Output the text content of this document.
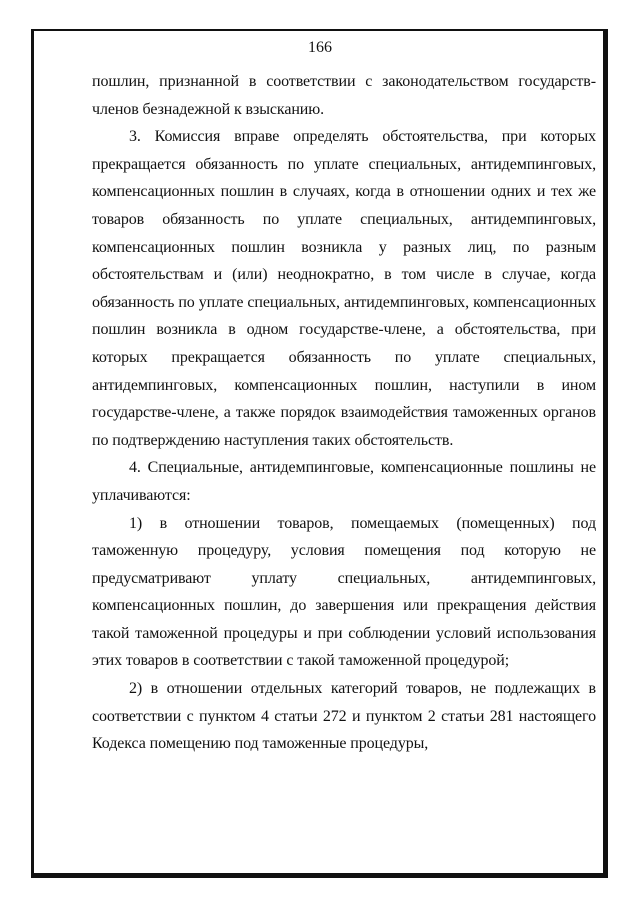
166

пошлин, признанной в соответствии с законодательством государств-членов безнадежной к взысканию.

3. Комиссия вправе определять обстоятельства, при которых прекращается обязанность по уплате специальных, антидемпинговых, компенсационных пошлин в случаях, когда в отношении одних и тех же товаров обязанность по уплате специальных, антидемпинговых, компенсационных пошлин возникла у разных лиц, по разным обстоятельствам и (или) неоднократно, в том числе в случае, когда обязанность по уплате специальных, антидемпинговых, компенсационных пошлин возникла в одном государстве-члене, а обстоятельства, при которых прекращается обязанность по уплате специальных, антидемпинговых, компенсационных пошлин, наступили в ином государстве-члене, а также порядок взаимодействия таможенных органов по подтверждению наступления таких обстоятельств.

4. Специальные, антидемпинговые, компенсационные пошлины не уплачиваются:

1) в отношении товаров, помещаемых (помещенных) под таможенную процедуру, условия помещения под которую не предусматривают уплату специальных, антидемпинговых, компенсационных пошлин, до завершения или прекращения действия такой таможенной процедуры и при соблюдении условий использования этих товаров в соответствии с такой таможенной процедурой;

2) в отношении отдельных категорий товаров, не подлежащих в соответствии с пунктом 4 статьи 272 и пунктом 2 статьи 281 настоящего Кодекса помещению под таможенные процедуры,
